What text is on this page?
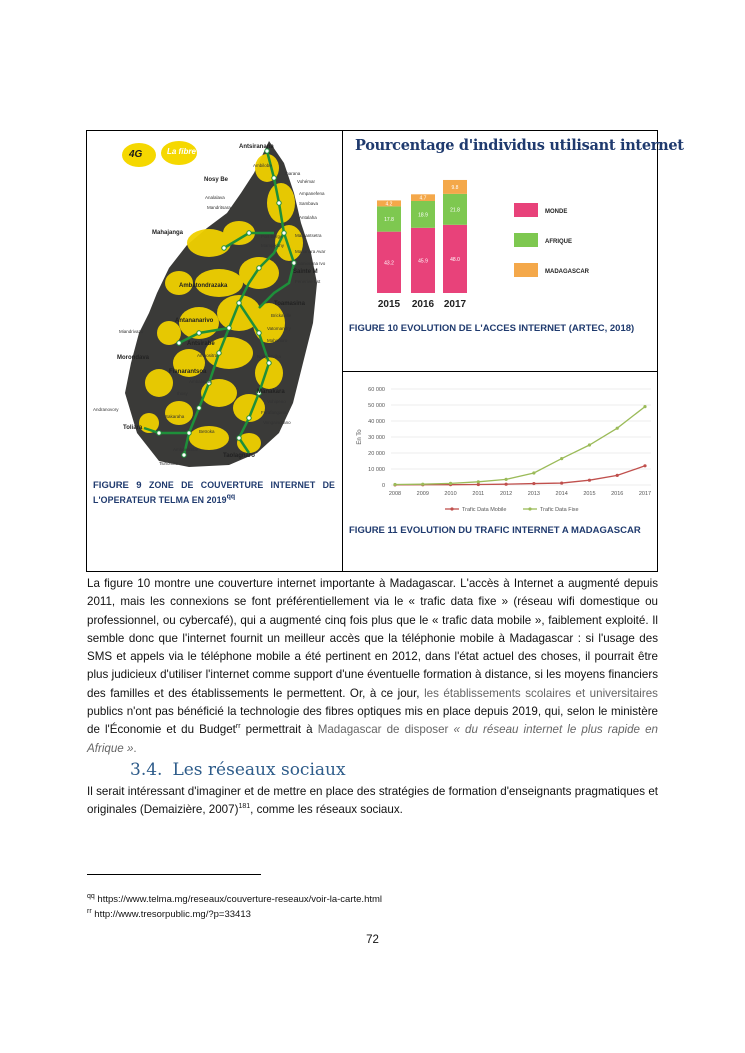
4G	La fibre	Antsiranana
Nosy Be
Mahajanga
Sainte M
Ambatondrazaka
Toamasina
Antananarivo
Morondava
Antsirabe
Fianarantsoa
Manakara
Toliara
Taolagnaro
Ambilobe
Iharana
Vohémar
Ampanefena
Sambava
Antalaha
Analalava
Mandritsara
Port Bergé	Maroantsetra
Mampikony
Mananara Avar
Soanierana Ivo
Fenerive Est
Brickaville
Vatomandry
Mahanoro
Miandrivazo
Nosy Varika
Ambositra
Ihosy
Ambalavao
Vohipeno
Farafangana
Vangaindrano
Andranovory
Sakaraha
Betroka
Ambovombe
Tsihombe
FIGURE 9 ZONE DE COUVERTURE INTERNET DE L'OPERATEUR TELMA EN $2019^{qq}$
Pourcentage d'individus utilisant internet
43.2
17.8
4.2
2015
45.9
18.9
4.7
2016
48.0
21.8
9.8
2017
MONDE
AFRIQUE
MADAGASCAR
FIGURE 10 EVOLUTION DE L'ACCES INTERNET (ARTEC, 2018)
0
10 000
20 000
30 000
40 000
50 000
60 000
2008	2009	2010	2011	2012	2013	2014	2015	2016	2017
En To
Trafic Data Mobile	Trafic Data Fixe
FIGURE 11 EVOLUTION DU TRAFIC INTERNET A MADAGASCAR

La figure 10 montre une couverture internet importante à Madagascar. L'accès à Internet a augmenté depuis 2011, mais les connexions se font préférentiellement via le « trafic data fixe » (réseau wifi domestique ou professionnel, ou cybercafé), qui a augmenté cinq fois plus que le « trafic data mobile », faiblement exploité. Il semble donc que l'internet fournit un meilleur accès que la téléphonie mobile à Madagascar : si l'usage des SMS et appels via le téléphone mobile a été pertinent en 2012, dans l'état actuel des choses, il pourrait être plus judicieux d'utiliser l'internet comme support d'une éventuelle formation à distance, si les moyens financiers des familles et des établissements le permettent. Or, à ce jour, les établissements scolaires et universitaires publics n'ont pas bénéficié la technologie des fibres optiques mis en place depuis 2019, qui, selon le ministère de l'Économie et du Budget$^{rr}$ permettrait à Madagascar de disposer « du réseau internet le plus rapide en Afrique ».

3.4. Les réseaux sociaux

Il serait intéressant d'imaginer et de mettre en place des stratégies de formation d'enseignants pragmatiques et originales (Demaizière, 2007)$^{181}$, comme les réseaux sociaux.

$^{qq}$ https://www.telma.mg/reseaux/couverture-reseaux/voir-la-carte.html
$^{rr}$ http://www.tresorpublic.mg/?p=33413
72
